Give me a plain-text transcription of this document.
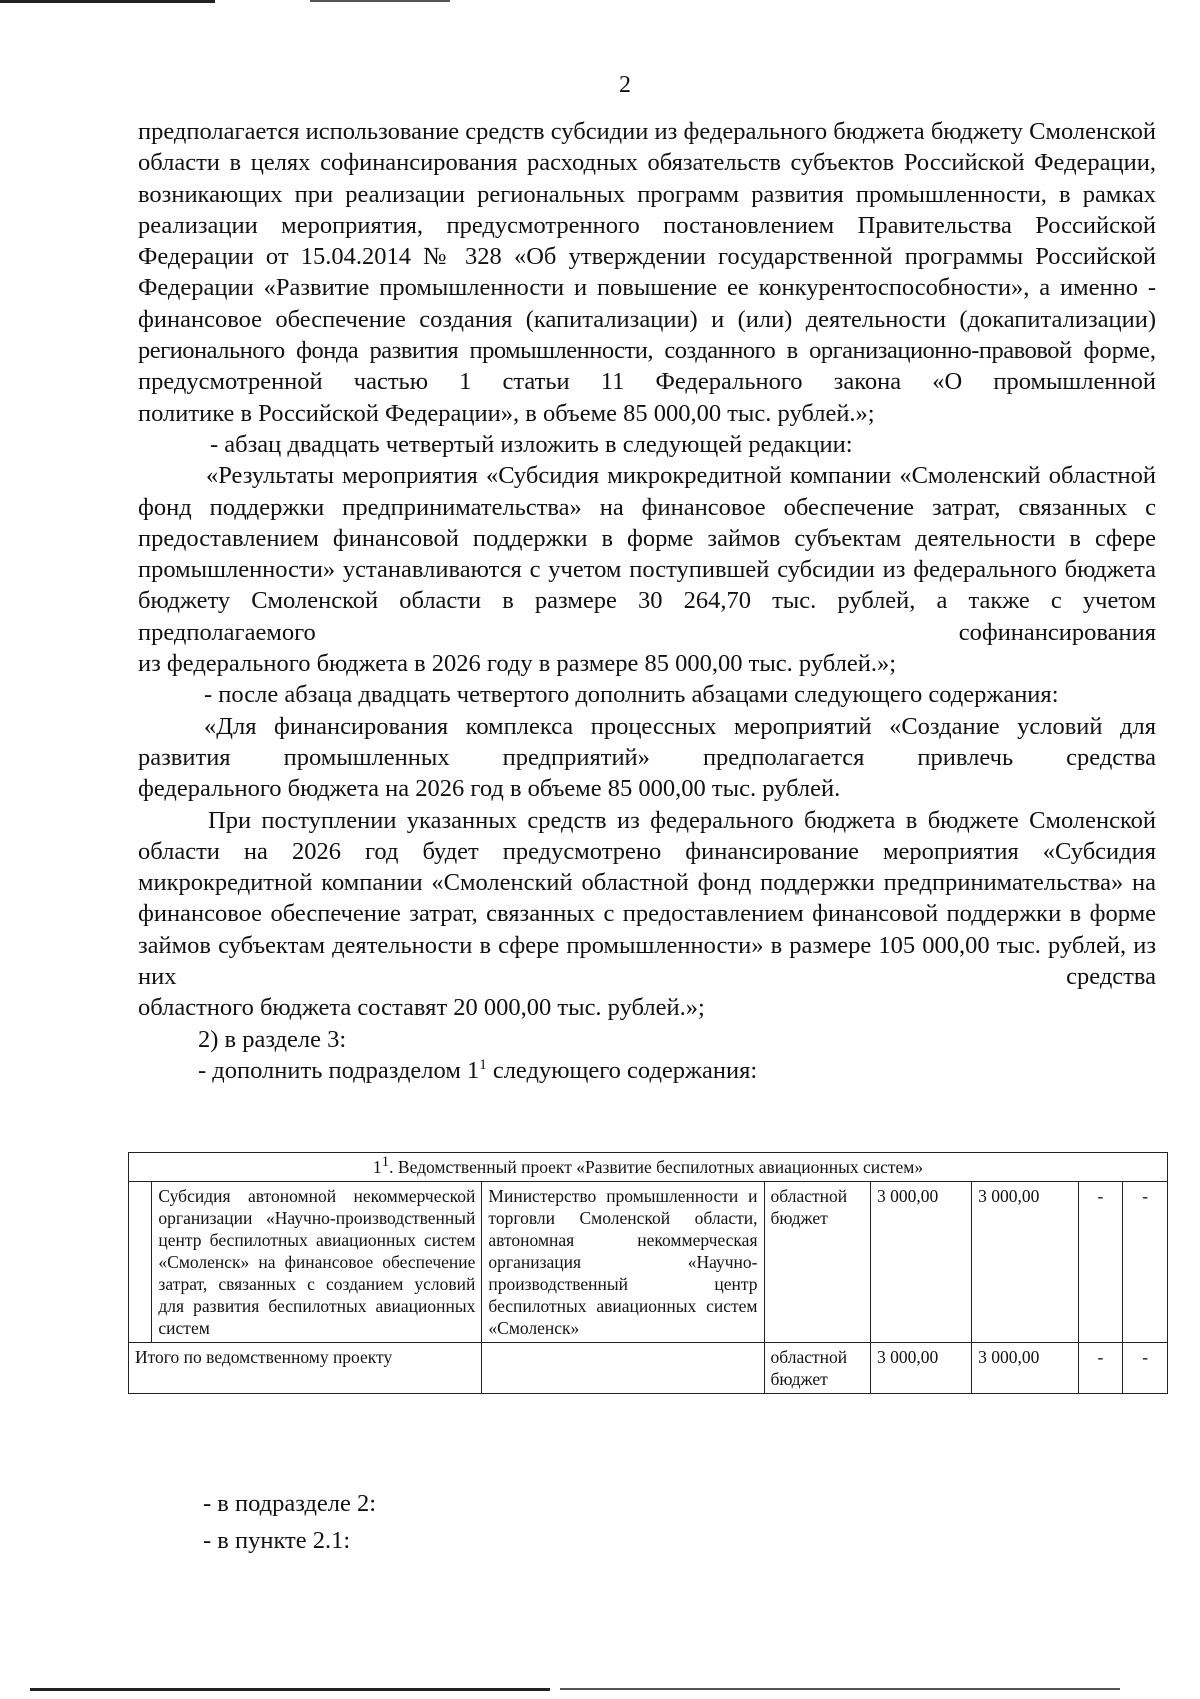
2

предполагается использование средств субсидии из федерального бюджета бюджету Смоленской области в целях софинансирования расходных обязательств субъектов Российской Федерации, возникающих при реализации региональных программ развития промышленности, в рамках реализации мероприятия, предусмотренного постановлением Правительства Российской Федерации от 15.04.2014 № 328 «Об утверждении государственной программы Российской Федерации «Развитие промышленности и повышение ее конкурентоспособности», а именно - финансовое обеспечение создания (капитализации) и (или) деятельности (докапитализации) регионального фонда развития промышленности, созданного в организационно-правовой форме, предусмотренной частью 1 статьи 11 Федерального закона «О промышленной

политике в Российской Федерации», в объеме 85 000,00 тыс. рублей.»;

- абзац двадцать четвертый изложить в следующей редакции:

«Результаты мероприятия «Субсидия микрокредитной компании «Смоленский областной фонд поддержки предпринимательства» на финансовое обеспечение затрат, связанных с предоставлением финансовой поддержки в форме займов субъектам деятельности в сфере промышленности» устанавливаются с учетом поступившей субсидии из федерального бюджета бюджету Смоленской области в размере 30 264,70 тыс. рублей, а также с учетом предполагаемого софинансирования

из федерального бюджета в 2026 году в размере 85 000,00 тыс. рублей.»;

- после абзаца двадцать четвертого дополнить абзацами следующего содержания:

«Для финансирования комплекса процессных мероприятий «Создание условий для развития промышленных предприятий» предполагается привлечь средства

федерального бюджета на 2026 год в объеме 85 000,00 тыс. рублей.

При поступлении указанных средств из федерального бюджета в бюджете Смоленской области на 2026 год будет предусмотрено финансирование мероприятия «Субсидия микрокредитной компании «Смоленский областной фонд поддержки предпринимательства» на финансовое обеспечение затрат, связанных с предоставлением финансовой поддержки в форме займов субъектам деятельности в сфере промышленности» в размере 105 000,00 тыс. рублей, из них средства

областного бюджета составят 20 000,00 тыс. рублей.»;

2) в разделе 3:

- дополнить подразделом $1^1$ следующего содержания:

$1^1$. Ведомственный проект «Развитие беспилотных авиационных систем»							
	Субсидия автономной некоммерческой организации «Научно-производственный центр беспилотных авиационных систем «Смоленск» на финансовое обеспечение затрат, связанных с созданием условий для развития беспилотных авиационных систем	Министерство промышленности и торговли Смоленской области, автономная некоммерческая организация «Научно-производственный центр беспилотных авиационных систем «Смоленск»	областной бюджет	3 000,00	3 000,00	-	-
Итого по ведомственному проекту			областной бюджет	3 000,00	3 000,00	-	-
- в подразделе 2:
- в пункте 2.1:
